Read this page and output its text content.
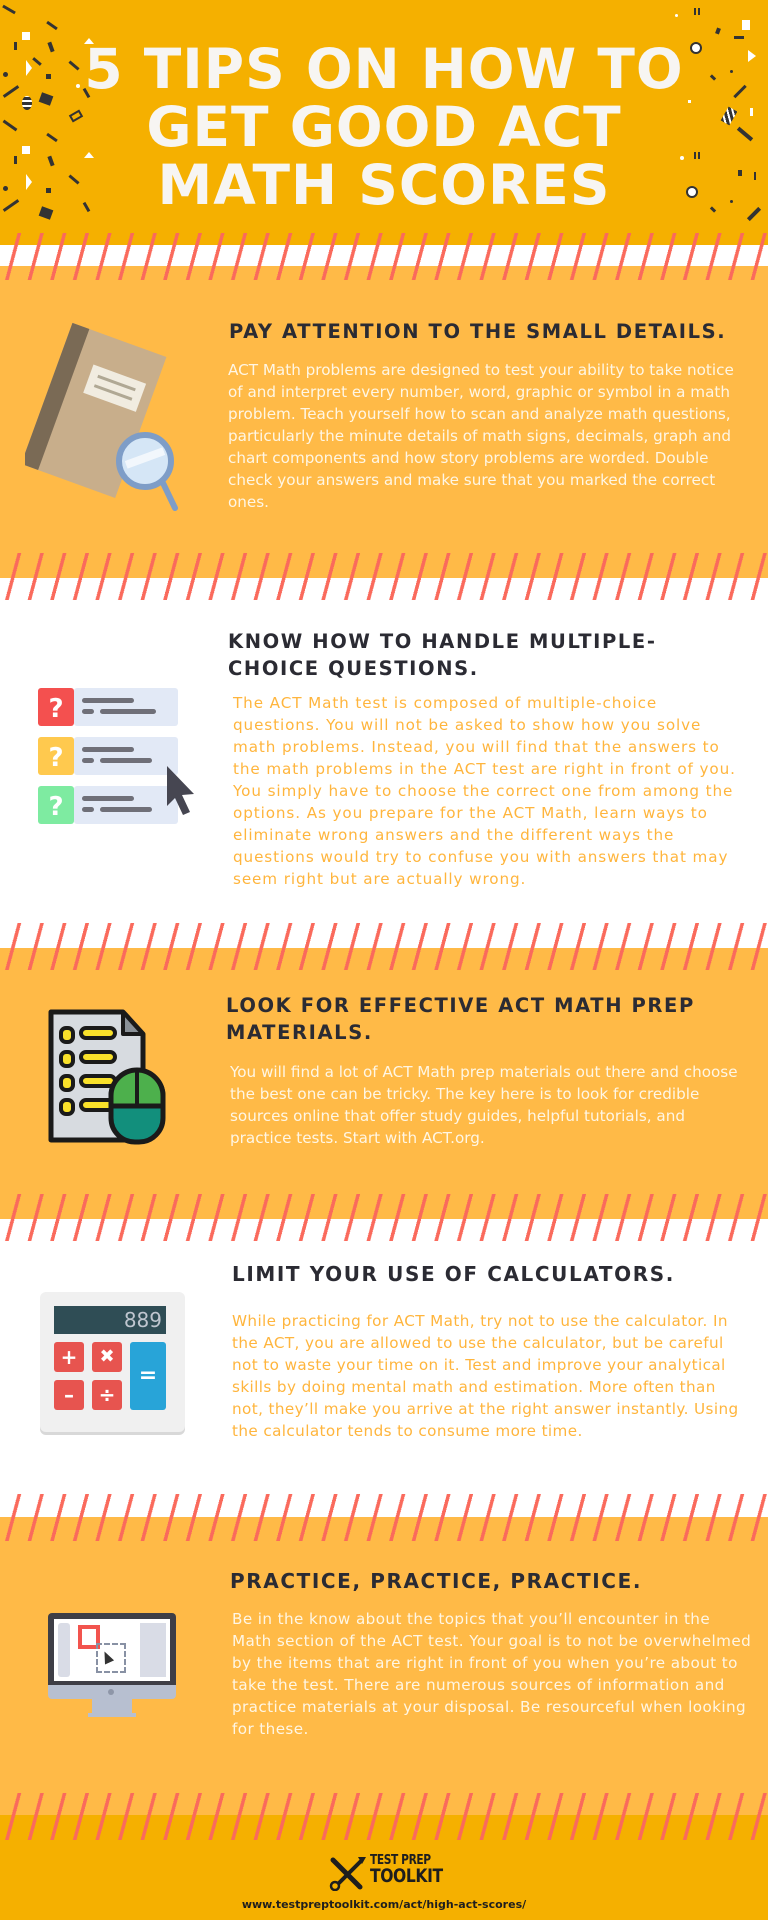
5 TIPS ON HOW TO
GET GOOD ACT
MATH SCORES
PAY ATTENTION TO THE SMALL DETAILS.

ACT Math problems are designed to test your ability to take notice of and interpret every number, word, graphic or symbol in a math problem. Teach yourself how to scan and analyze math questions, particularly the minute details of math signs, decimals, graph and chart components and how story problems are worded. Double check your answers and make sure that you marked the correct ones.

?
?
?
KNOW HOW TO HANDLE MULTIPLE-CHOICE QUESTIONS.

The ACT Math test is composed of multiple-choice questions. You will not be asked to show how you solve math problems. Instead, you will find that the answers to the math problems in the ACT test are right in front of you. You simply have to choose the correct one from among the options. As you prepare for the ACT Math, learn ways to eliminate wrong answers and the different ways the questions would try to confuse you with answers that may seem right but are actually wrong.

LOOK FOR EFFECTIVE ACT MATH PREP MATERIALS.

You will find a lot of ACT Math prep materials out there and choose the best one can be tricky. The key here is to look for credible sources online that offer study guides, helpful tutorials, and practice tests. Start with ACT.org.

889
+	✖
–	÷
=
LIMIT YOUR USE OF CALCULATORS.

While practicing for ACT Math, try not to use the calculator. In the ACT, you are allowed to use the calculator, but be careful not to waste your time on it. Test and improve your analytical skills by doing mental math and estimation. More often than not, they’ll make you arrive at the right answer instantly. Using the calculator tends to consume more time.

PRACTICE, PRACTICE, PRACTICE.

Be in the know about the topics that you’ll encounter in the Math section of the ACT test. Your goal is to not be overwhelmed by the items that are right in front of you when you’re about to take the test. There are numerous sources of information and practice materials at your disposal. Be resourceful when looking for these.

TEST PREP
TOOLKIT
www.testpreptoolkit.com/act/high-act-scores/
